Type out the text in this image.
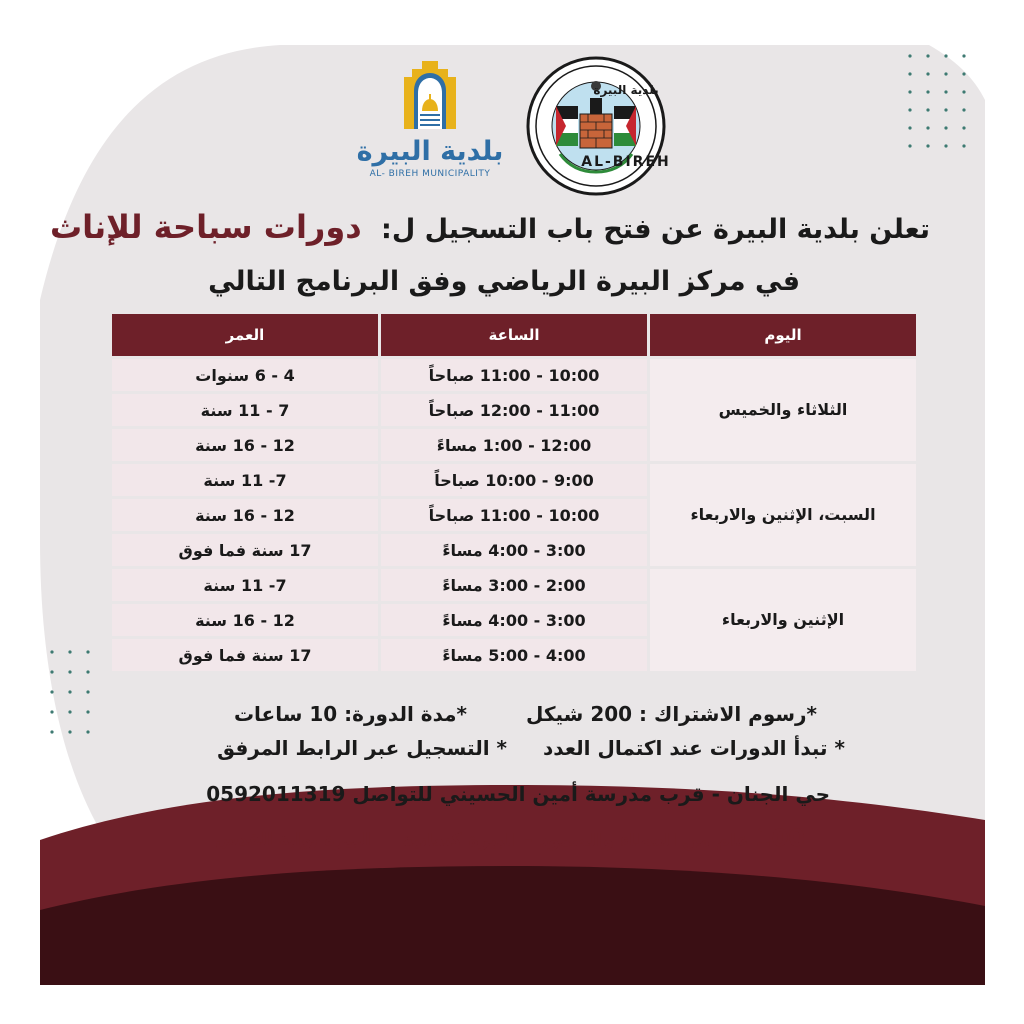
بلدية البيرة
AL- BIREH MUNICIPALITY
بلدية البيرة
AL-BIREH
تعلن بلدية البيرة عن فتح باب التسجيل ل: دورات سباحة للإناث
في مركز البيرة الرياضي وفق البرنامج التالي
اليوم	الساعة	العمر
الثلاثاء والخميس	10:00 - 11:00 صباحاً	4 - 6 سنوات
	11:00 - 12:00 صباحاً	7 - 11 سنة
	12:00 - 1:00 مساءً	12 - 16 سنة
السبت، الإثنين والاربعاء	9:00 - 10:00 صباحاً	7- 11 سنة
	10:00 - 11:00 صباحاً	12 - 16 سنة
	3:00 - 4:00 مساءً	17 سنة فما فوق
الإثنين والاربعاء	2:00 - 3:00 مساءً	7- 11 سنة
	3:00 - 4:00 مساءً	12 - 16 سنة
	4:00 - 5:00 مساءً	17 سنة فما فوق
*رسوم الاشتراك : 200 شيكل
*مدة الدورة: 10 ساعات
* تبدأ الدورات عند اكتمال العدد
* التسجيل عبر الرابط المرفق
حي الجنان - قرب مدرسة أمين الحسيني للتواصل 0592011319
100 عام من العطاء والصمود – البيرة كنعانية
البيرة بوابة القدس
